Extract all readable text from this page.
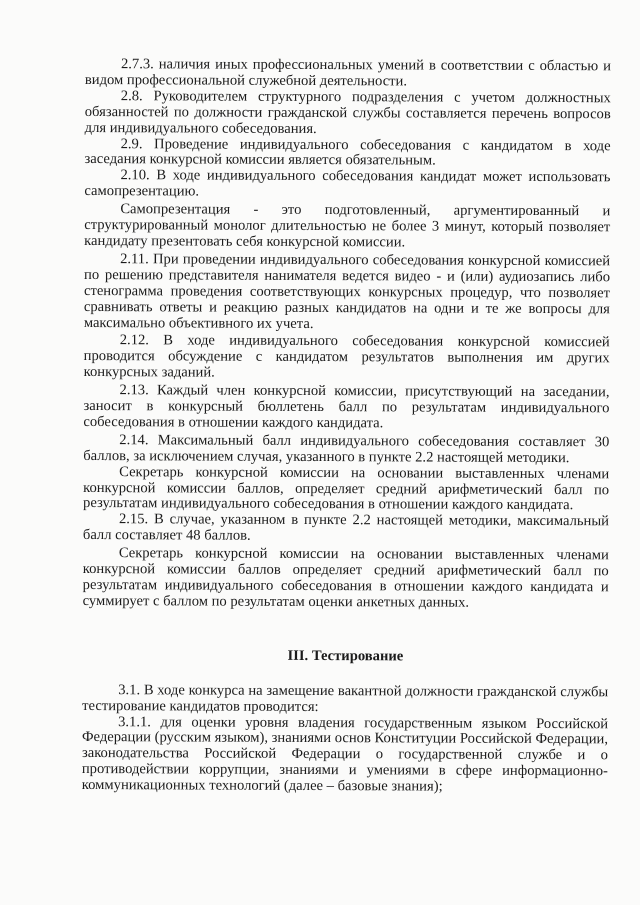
2.7.3. наличия иных профессиональных умений в соответствии с областью и видом профессиональной служебной деятельности.

2.8. Руководителем структурного подразделения с учетом должностных обязанностей по должности гражданской службы составляется перечень вопросов для индивидуального собеседования.

2.9. Проведение индивидуального собеседования с кандидатом в ходе заседания конкурсной комиссии является обязательным.

2.10. В ходе индивидуального собеседования кандидат может использовать самопрезентацию.

Самопрезентация - это подготовленный, аргументированный и структурированный монолог длительностью не более 3 минут, который позволяет кандидату презентовать себя конкурсной комиссии.

2.11. При проведении индивидуального собеседования конкурсной комиссией по решению представителя нанимателя ведется видео - и (или) аудиозапись либо стенограмма проведения соответствующих конкурсных процедур, что позволяет сравнивать ответы и реакцию разных кандидатов на одни и те же вопросы для максимально объективного их учета.

2.12. В ходе индивидуального собеседования конкурсной комиссией проводится обсуждение с кандидатом результатов выполнения им других конкурсных заданий.

2.13. Каждый член конкурсной комиссии, присутствующий на заседании, заносит в конкурсный бюллетень балл по результатам индивидуального собеседования в отношении каждого кандидата.

2.14. Максимальный балл индивидуального собеседования составляет 30 баллов, за исключением случая, указанного в пункте 2.2 настоящей методики.

Секретарь конкурсной комиссии на основании выставленных членами конкурсной комиссии баллов, определяет средний арифметический балл по результатам индивидуального собеседования в отношении каждого кандидата.

2.15. В случае, указанном в пункте 2.2 настоящей методики, максимальный балл составляет 48 баллов.

Секретарь конкурсной комиссии на основании выставленных членами конкурсной комиссии баллов определяет средний арифметический балл по результатам индивидуального собеседования в отношении каждого кандидата и суммирует с баллом по результатам оценки анкетных данных.

III. Тестирование

3.1. В ходе конкурса на замещение вакантной должности гражданской службы тестирование кандидатов проводится:

3.1.1. для оценки уровня владения государственным языком Российской Федерации (русским языком), знаниями основ Конституции Российской Федерации, законодательства Российской Федерации о государственной службе и о противодействии коррупции, знаниями и умениями в сфере информационно-коммуникационных технологий (далее – базовые знания);
